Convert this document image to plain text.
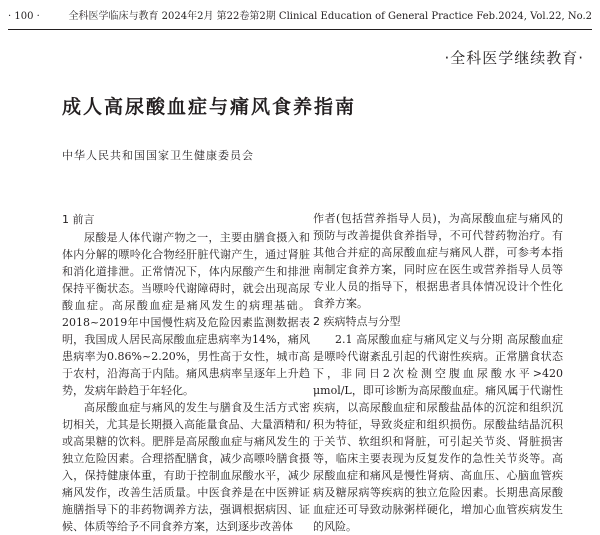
· 100 ·	全科医学临床与教育 2024年2月 第22卷第2期 Clinical Education of General Practice Feb.2024, Vol.22, No.2
·全科医学继续教育·
成人高尿酸血症与痛风食养指南
中华人民共和国国家卫生健康委员会

1 前言

尿酸是人体代谢产物之一，主要由膳食摄入和体内分解的嘌呤化合物经肝脏代谢产生，通过肾脏和消化道排泄。正常情况下，体内尿酸产生和排泄保持平衡状态。当嘌呤代谢障碍时，就会出现高尿酸血症。高尿酸血症是痛风发生的病理基础。2018~2019年中国慢性病及危险因素监测数据表明，我国成人居民高尿酸血症患病率为14%，痛风患病率为0.86%~2.20%，男性高于女性，城市高于农村，沿海高于内陆。痛风患病率呈逐年上升趋势，发病年龄趋于年轻化。

高尿酸血症与痛风的发生与膳食及生活方式密切相关，尤其是长期摄入高能量食品、大量酒精和/或高果糖的饮料。肥胖是高尿酸血症与痛风发生的独立危险因素。合理搭配膳食，减少高嘌呤膳食摄入，保持健康体重，有助于控制血尿酸水平，减少痛风发作，改善生活质量。中医食养是在中医辨证施膳指导下的非药物调养方法，强调根据病因、证候、体质等给予不同食养方案，达到逐步改善体

作者(包括营养指导人员)，为高尿酸血症与痛风的预防与改善提供食养指导，不可代替药物治疗。有其他合并症的高尿酸血症与痛风人群，可参考本指南制定食养方案，同时应在医生或营养指导人员等专业人员的指导下，根据患者具体情况设计个性化食养方案。

2 疾病特点与分型

2.1 高尿酸血症与痛风定义与分期 高尿酸血症是嘌呤代谢紊乱引起的代谢性疾病。正常膳食状态下，非同日2次检测空腹血尿酸水平>420 μmol/L，即可诊断为高尿酸血症。痛风属于代谢性疾病，以高尿酸血症和尿酸盐晶体的沉淀和组织沉积为特征，导致炎症和组织损伤。尿酸盐结晶沉积于关节、软组织和肾脏，可引起关节炎、肾脏损害等，临床主要表现为反复发作的急性关节炎等。高尿酸血症和痛风是慢性肾病、高血压、心脑血管疾病及糖尿病等疾病的独立危险因素。长期患高尿酸血症还可导致动脉粥样硬化，增加心血管疾病发生的风险。
